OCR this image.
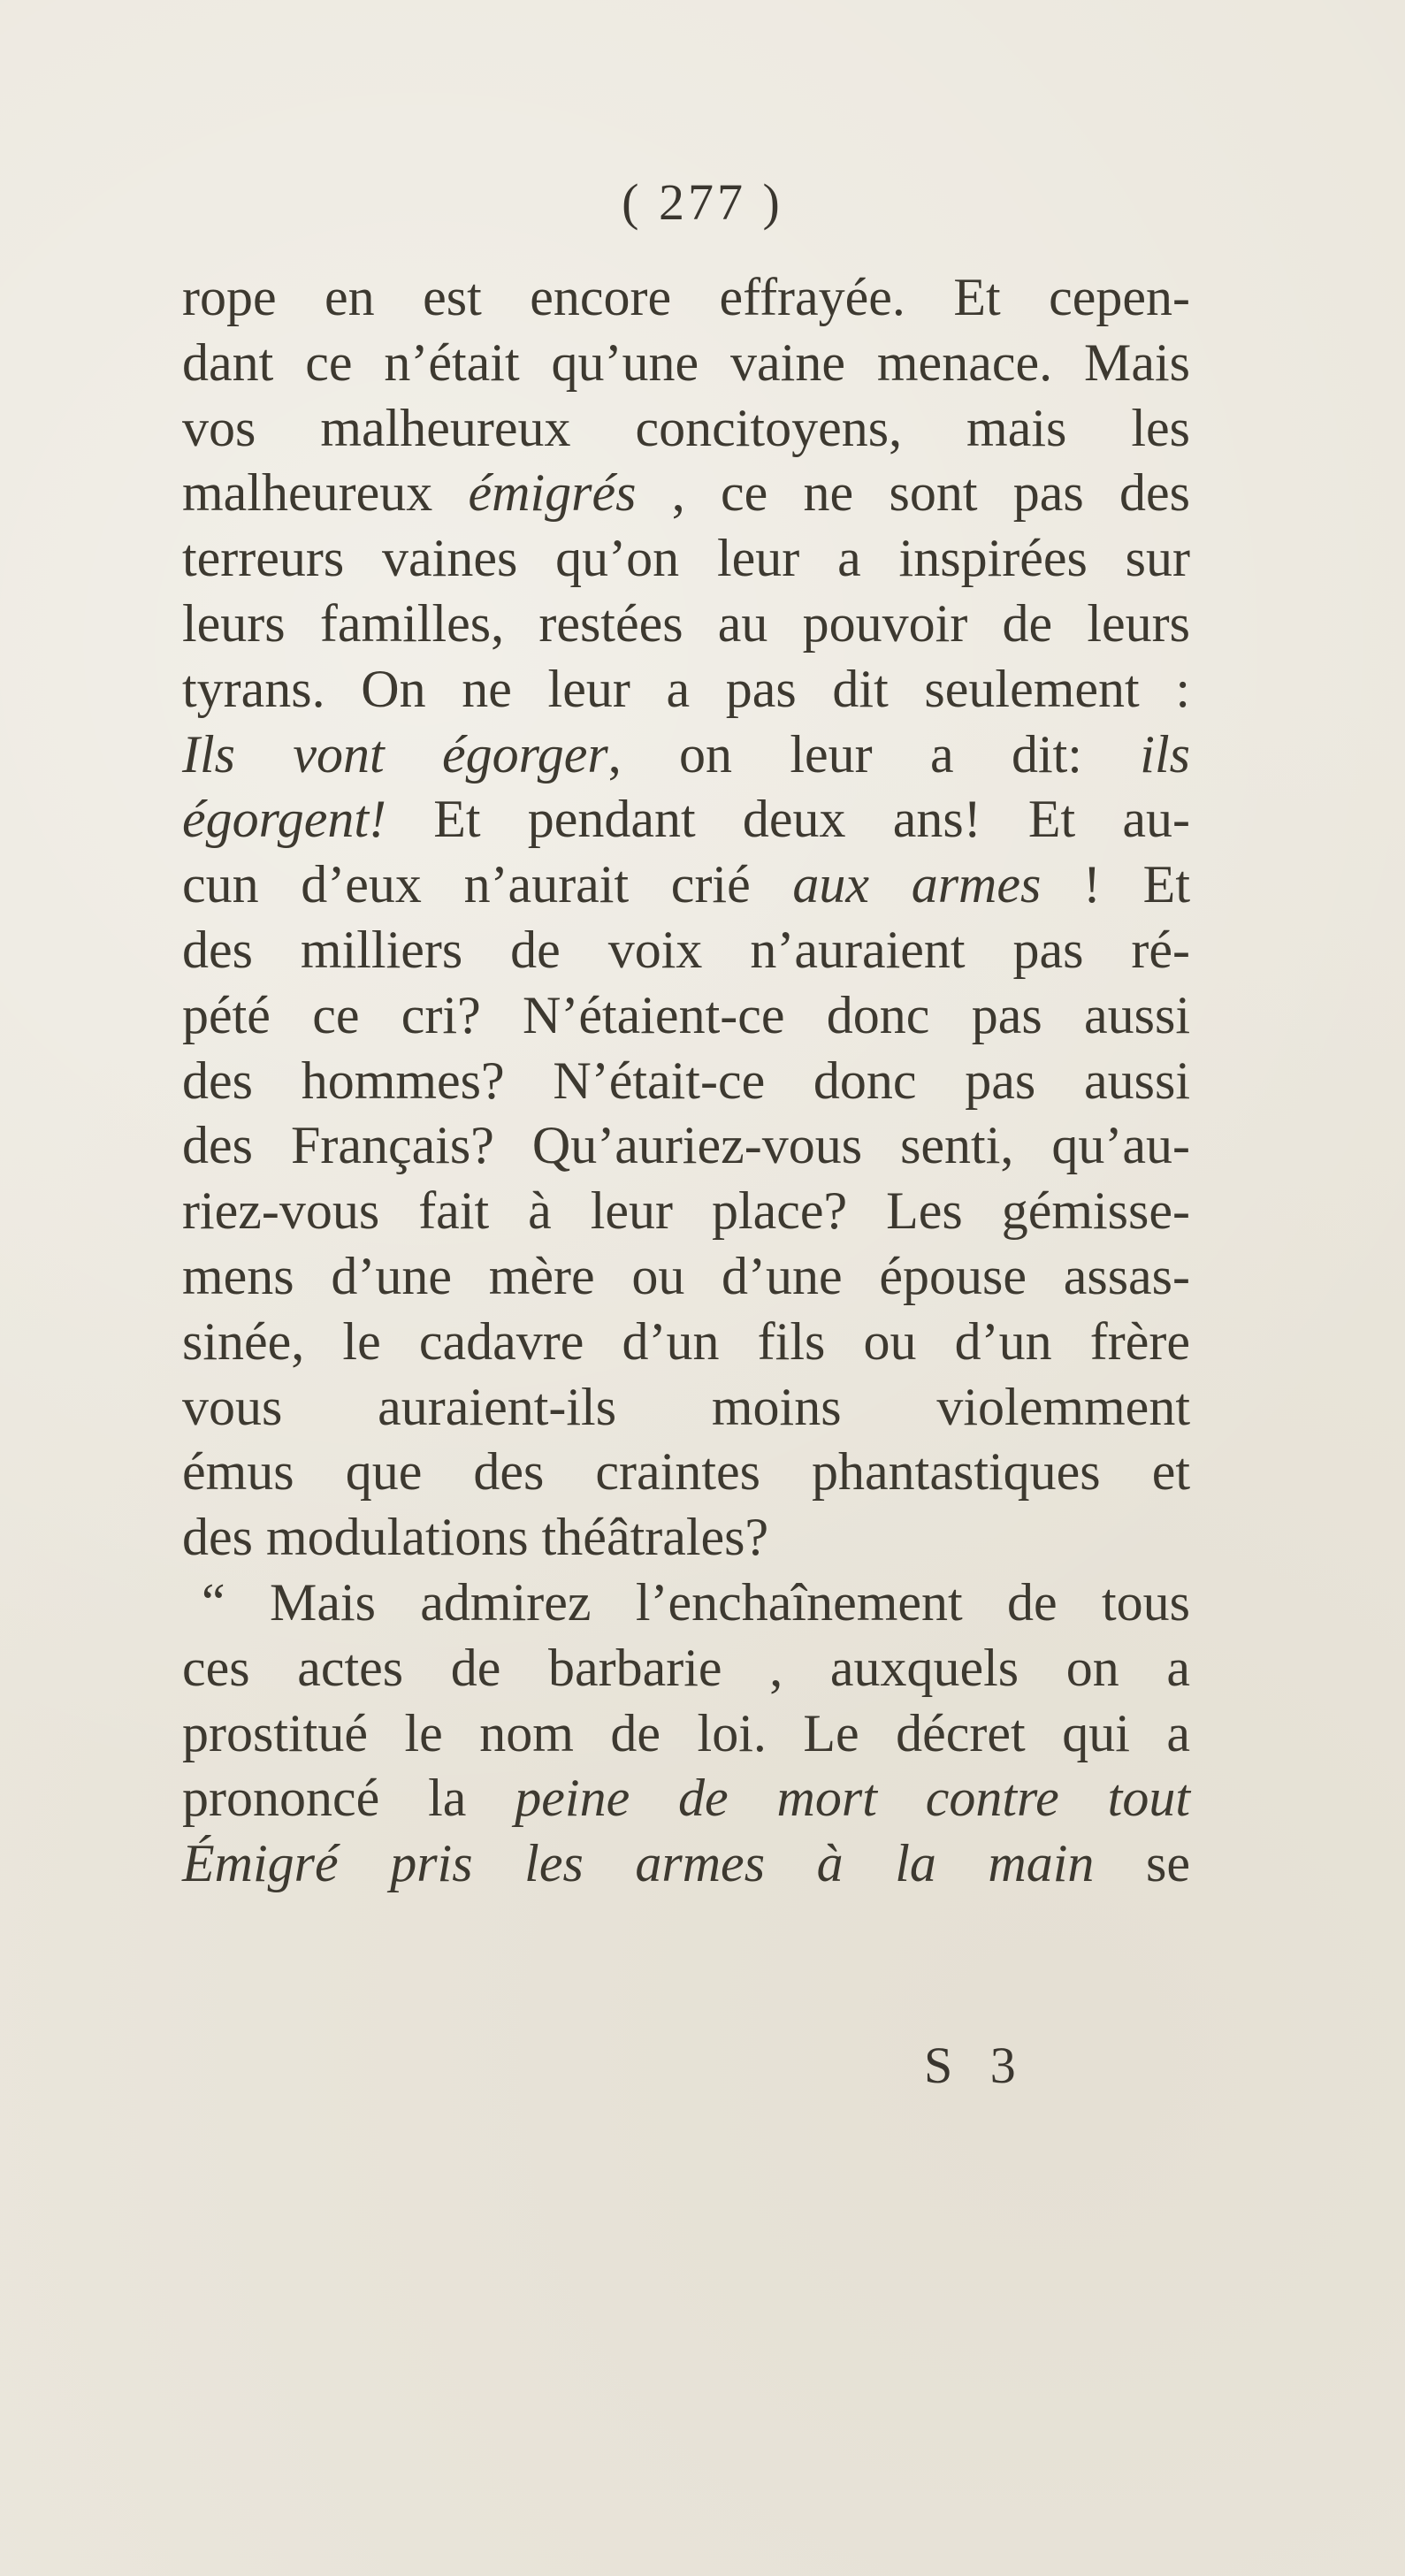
( 277 )
rope en est encore effrayée. Et cepen-
dant ce n’était qu’une vaine menace. Mais
vos malheureux concitoyens, mais les
malheureux émigrés , ce ne sont pas des
terreurs vaines qu’on leur a inspirées sur
leurs familles, restées au pouvoir de leurs
tyrans. On ne leur a pas dit seulement :
Ils vont égorger, on leur a dit: ils
égorgent! Et pendant deux ans! Et au-
cun d’eux n’aurait crié aux armes ! Et
des milliers de voix n’auraient pas ré-
pété ce cri? N’étaient-ce donc pas aussi
des hommes? N’était-ce donc pas aussi
des Français? Qu’auriez-vous senti, qu’au-
riez-vous fait à leur place? Les gémisse-
mens d’une mère ou d’une épouse assas-
sinée, le cadavre d’un fils ou d’un frère
vous auraient-ils moins violemment
émus que des craintes phantastiques et
des modulations théâtrales?
“ Mais admirez l’enchaînement de tous
ces actes de barbarie , auxquels on a
prostitué le nom de loi. Le décret qui a
prononcé la peine de mort contre tout
Émigré pris les armes à la main se
S 3
